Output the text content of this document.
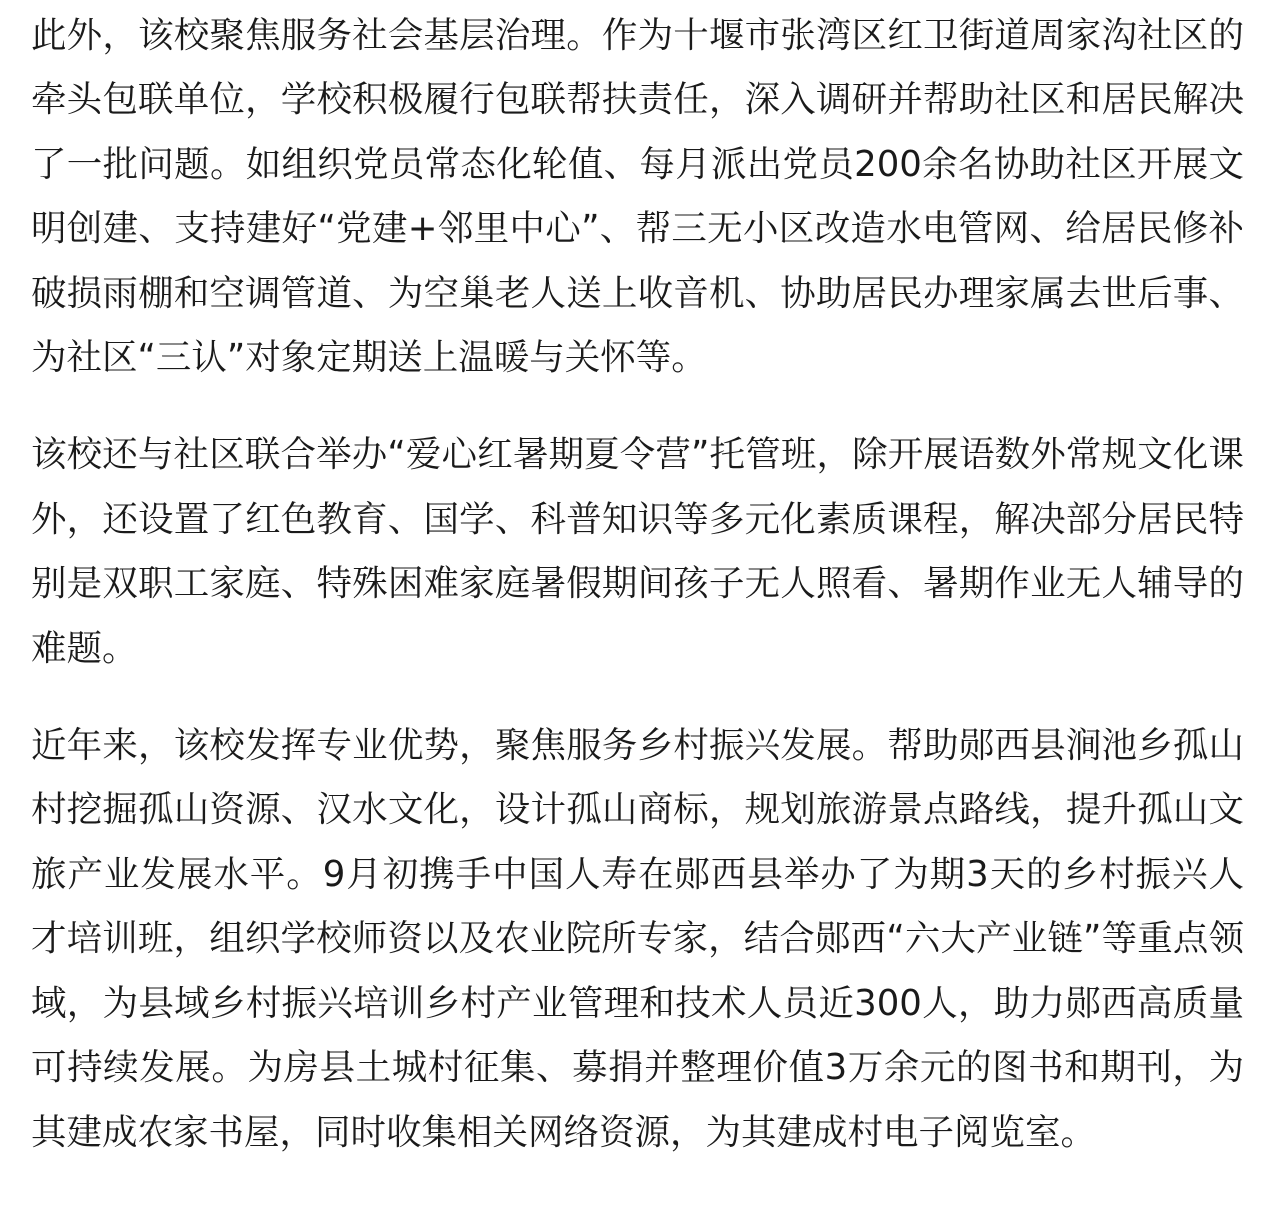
此外，该校聚焦服务社会基层治理。作为十堰市张湾区红卫街道周家沟社区的牵头包联单位，学校积极履行包联帮扶责任，深入调研并帮助社区和居民解决了一批问题。如组织党员常态化轮值、每月派出党员200余名协助社区开展文明创建、支持建好“党建+邻里中心”、帮三无小区改造水电管网、给居民修补破损雨棚和空调管道、为空巢老人送上收音机、协助居民办理家属去世后事、为社区“三认”对象定期送上温暖与关怀等。

该校还与社区联合举办“爱心红暑期夏令营”托管班，除开展语数外常规文化课外，还设置了红色教育、国学、科普知识等多元化素质课程，解决部分居民特别是双职工家庭、特殊困难家庭暑假期间孩子无人照看、暑期作业无人辅导的难题。

近年来，该校发挥专业优势，聚焦服务乡村振兴发展。帮助郧西县涧池乡孤山村挖掘孤山资源、汉水文化，设计孤山商标，规划旅游景点路线，提升孤山文旅产业发展水平。9月初携手中国人寿在郧西县举办了为期3天的乡村振兴人才培训班，组织学校师资以及农业院所专家，结合郧西“六大产业链”等重点领域，为县域乡村振兴培训乡村产业管理和技术人员近300人，助力郧西高质量可持续发展。为房县土城村征集、募捐并整理价值3万余元的图书和期刊，为其建成农家书屋，同时收集相关网络资源，为其建成村电子阅览室。
